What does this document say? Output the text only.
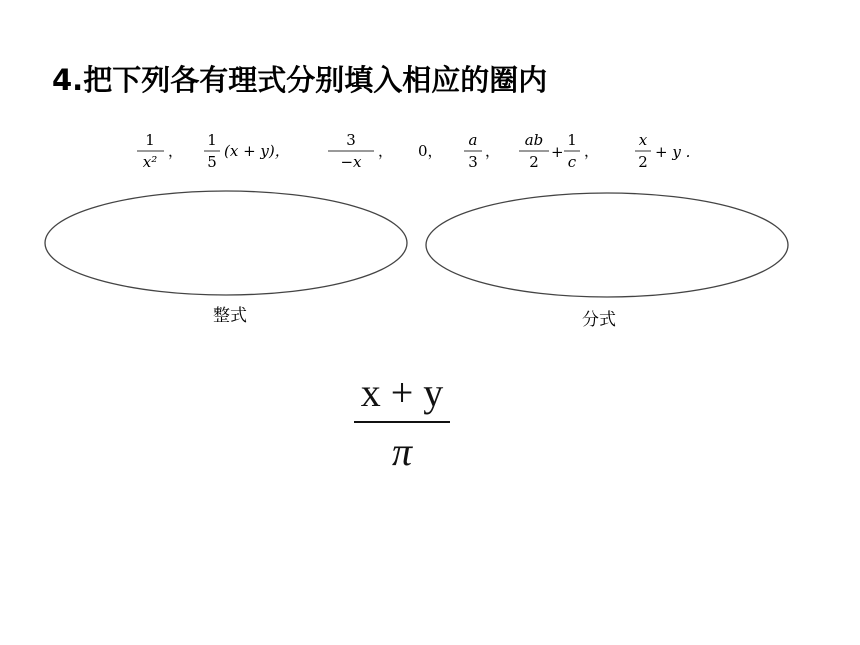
4.把下列各有理式分别填入相应的圈内
1
x²
，
1
5
(x + y)，
3
−x
， 0，
a
3
，
ab
2
+
1
c
，
x
2
+ y .
整式	分式
x + y
π
